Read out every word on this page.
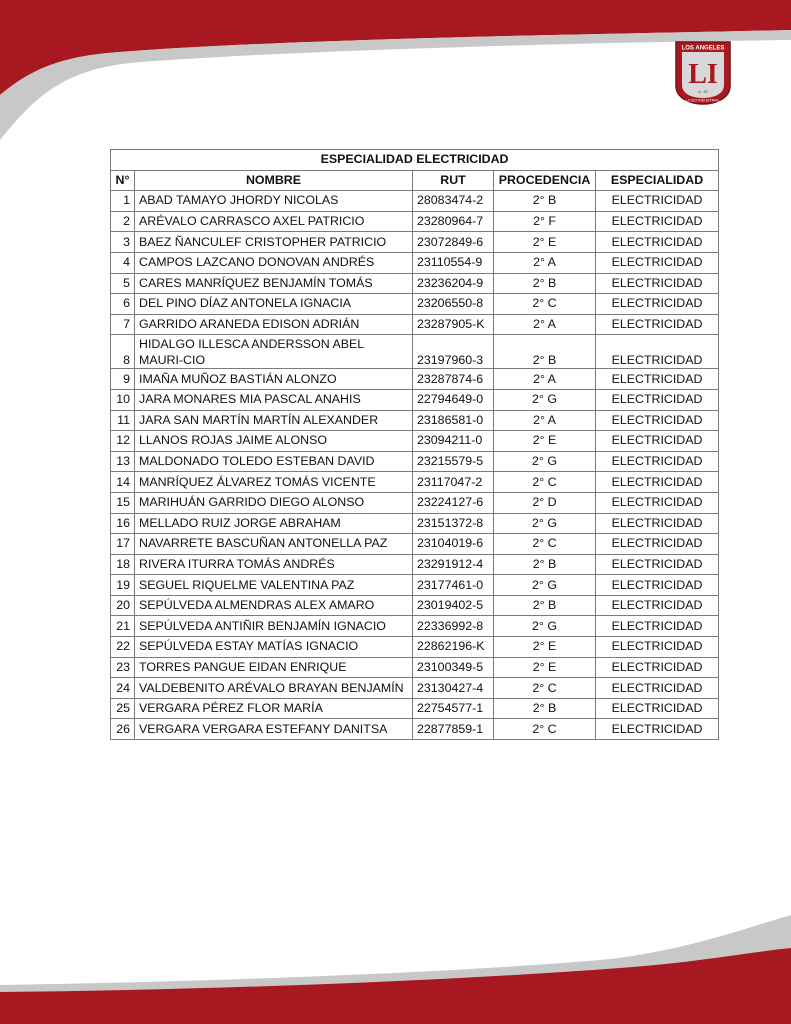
LOS ANGELES
LI
A - 62
LICEO INDUSTRIAL
ESPECIALIDAD ELECTRICIDAD				
N°	NOMBRE	RUT	PROCEDENCIA	ESPECIALIDAD
1	ABAD TAMAYO JHORDY NICOLAS	28083474-2	2° B	ELECTRICIDAD
2	ARÉVALO CARRASCO AXEL PATRICIO	23280964-7	2° F	ELECTRICIDAD
3	BAEZ ÑANCULEF CRISTOPHER PATRICIO	23072849-6	2° E	ELECTRICIDAD
4	CAMPOS LAZCANO DONOVAN ANDRÉS	23110554-9	2° A	ELECTRICIDAD
5	CARES MANRÍQUEZ BENJAMÍN TOMÁS	23236204-9	2° B	ELECTRICIDAD
6	DEL PINO DÍAZ ANTONELA IGNACIA	23206550-8	2° C	ELECTRICIDAD
7	GARRIDO ARANEDA EDISON ADRIÁN	23287905-K	2° A	ELECTRICIDAD
8	HIDALGO ILLESCA ANDERSSON ABEL MAURI-CIO	23197960-3	2° B	ELECTRICIDAD
9	IMAÑA MUÑOZ BASTIÁN ALONZO	23287874-6	2° A	ELECTRICIDAD
10	JARA MONARES MIA PASCAL ANAHIS	22794649-0	2° G	ELECTRICIDAD
11	JARA SAN MARTÍN MARTÍN ALEXANDER	23186581-0	2° A	ELECTRICIDAD
12	LLANOS ROJAS JAIME ALONSO	23094211-0	2° E	ELECTRICIDAD
13	MALDONADO TOLEDO ESTEBAN DAVID	23215579-5	2° G	ELECTRICIDAD
14	MANRÍQUEZ ÁLVAREZ TOMÁS VICENTE	23117047-2	2° C	ELECTRICIDAD
15	MARIHUÁN GARRIDO DIEGO ALONSO	23224127-6	2° D	ELECTRICIDAD
16	MELLADO RUIZ JORGE ABRAHAM	23151372-8	2° G	ELECTRICIDAD
17	NAVARRETE BASCUÑAN ANTONELLA PAZ	23104019-6	2° C	ELECTRICIDAD
18	RIVERA ITURRA TOMÁS ANDRÉS	23291912-4	2° B	ELECTRICIDAD
19	SEGUEL RIQUELME VALENTINA PAZ	23177461-0	2° G	ELECTRICIDAD
20	SEPÚLVEDA ALMENDRAS ALEX AMARO	23019402-5	2° B	ELECTRICIDAD
21	SEPÚLVEDA ANTIÑIR BENJAMÍN IGNACIO	22336992-8	2° G	ELECTRICIDAD
22	SEPÚLVEDA ESTAY MATÍAS IGNACIO	22862196-K	2° E	ELECTRICIDAD
23	TORRES PANGUE EIDAN ENRIQUE	23100349-5	2° E	ELECTRICIDAD
24	VALDEBENITO ARÉVALO BRAYAN BENJAMÍN	23130427-4	2° C	ELECTRICIDAD
25	VERGARA PÉREZ FLOR MARÍA	22754577-1	2° B	ELECTRICIDAD
26	VERGARA VERGARA ESTEFANY DANITSA	22877859-1	2° C	ELECTRICIDAD
